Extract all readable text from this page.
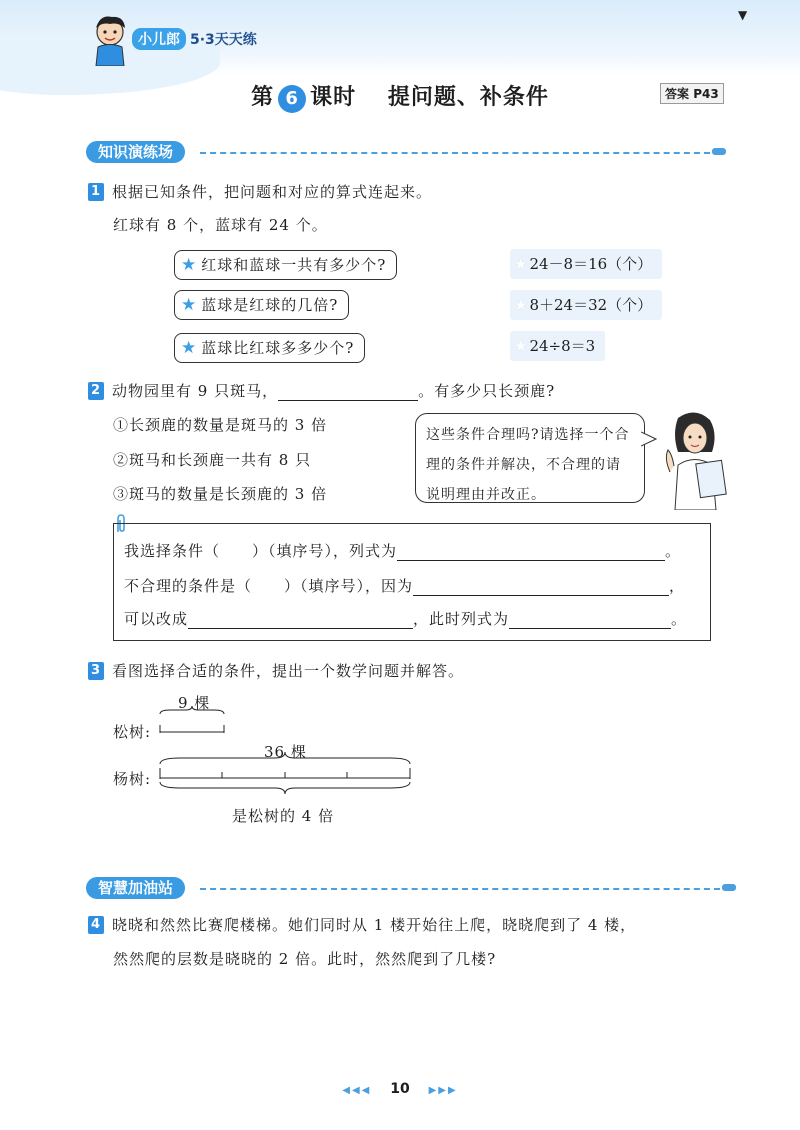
小儿郎 5·3天天练
▼
第 6 课时　 提问题、补条件	答案 P43
知识演练场
1 根据已知条件，把问题和对应的算式连起来。
红球有 8 个，蓝球有 24 个。
★ 红球和蓝球一共有多少个?
★ 蓝球是红球的几倍?
★ 蓝球比红球多多少个?
★ 24－8＝16（个）
★ 8＋24＝32（个）
★ 24÷8＝3
2 动物园里有 9 只斑马，	。有多少只长颈鹿?
①长颈鹿的数量是斑马的 3 倍
②斑马和长颈鹿一共有 8 只
③斑马的数量是长颈鹿的 3 倍
这些条件合理吗?请选择一个合理的条件并解决，不合理的请说明理由并改正。
我选择条件（　　）（填序号），列式为	。
不合理的条件是（　　）（填序号），因为	，
可以改成	，此时列式为	。
3 看图选择合适的条件，提出一个数学问题并解答。
9 棵
松树:
36 棵
杨树:
是松树的 4 倍
智慧加油站
4 晓晓和然然比赛爬楼梯。她们同时从 1 楼开始往上爬，晓晓爬到了 4 楼，
然然爬的层数是晓晓的 2 倍。此时，然然爬到了几楼?
◀◀◀ 10 ▶▶▶
